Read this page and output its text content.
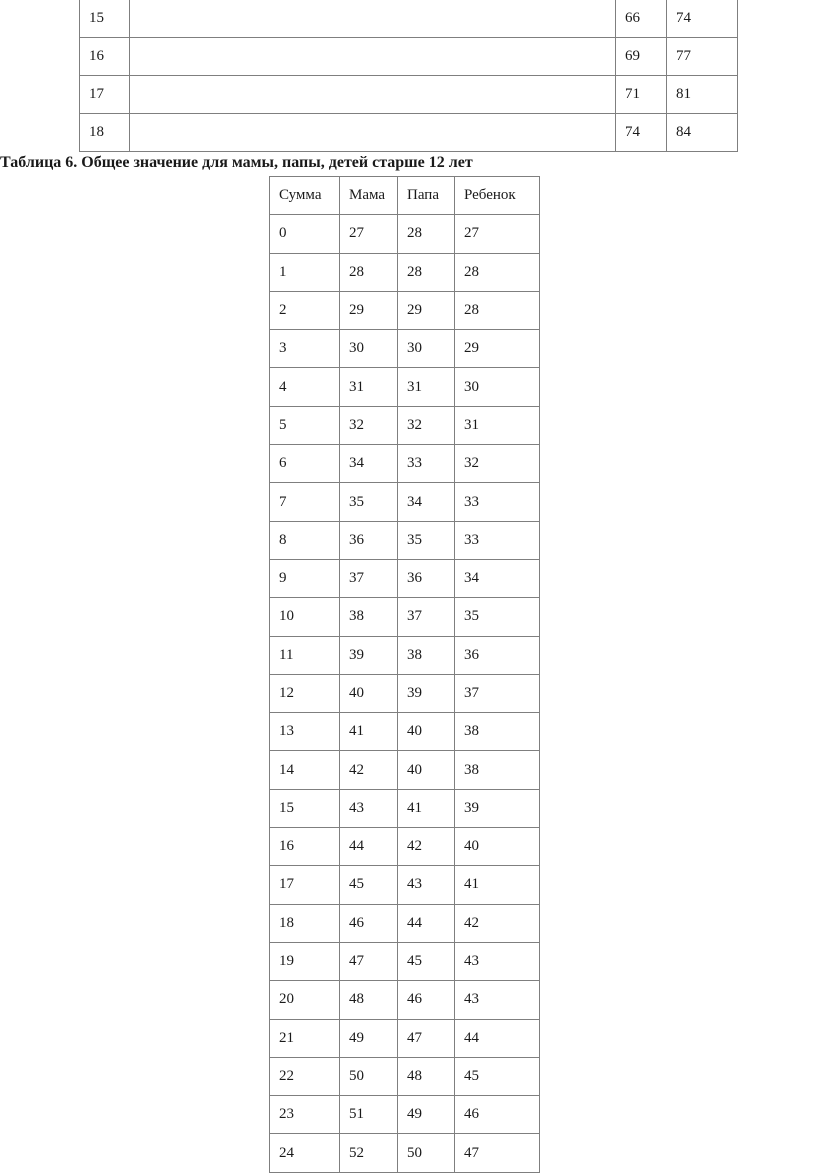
15		66	74
16		69	77
17		71	81
18		74	84

Таблица 6. Общее значение для мамы, папы, детей старше 12 лет

Сумма	Мама	Папа	Ребенок
0	27	28	27
1	28	28	28
2	29	29	28
3	30	30	29
4	31	31	30
5	32	32	31
6	34	33	32
7	35	34	33
8	36	35	33
9	37	36	34
10	38	37	35
11	39	38	36
12	40	39	37
13	41	40	38
14	42	40	38
15	43	41	39
16	44	42	40
17	45	43	41
18	46	44	42
19	47	45	43
20	48	46	43
21	49	47	44
22	50	48	45
23	51	49	46
24	52	50	47
